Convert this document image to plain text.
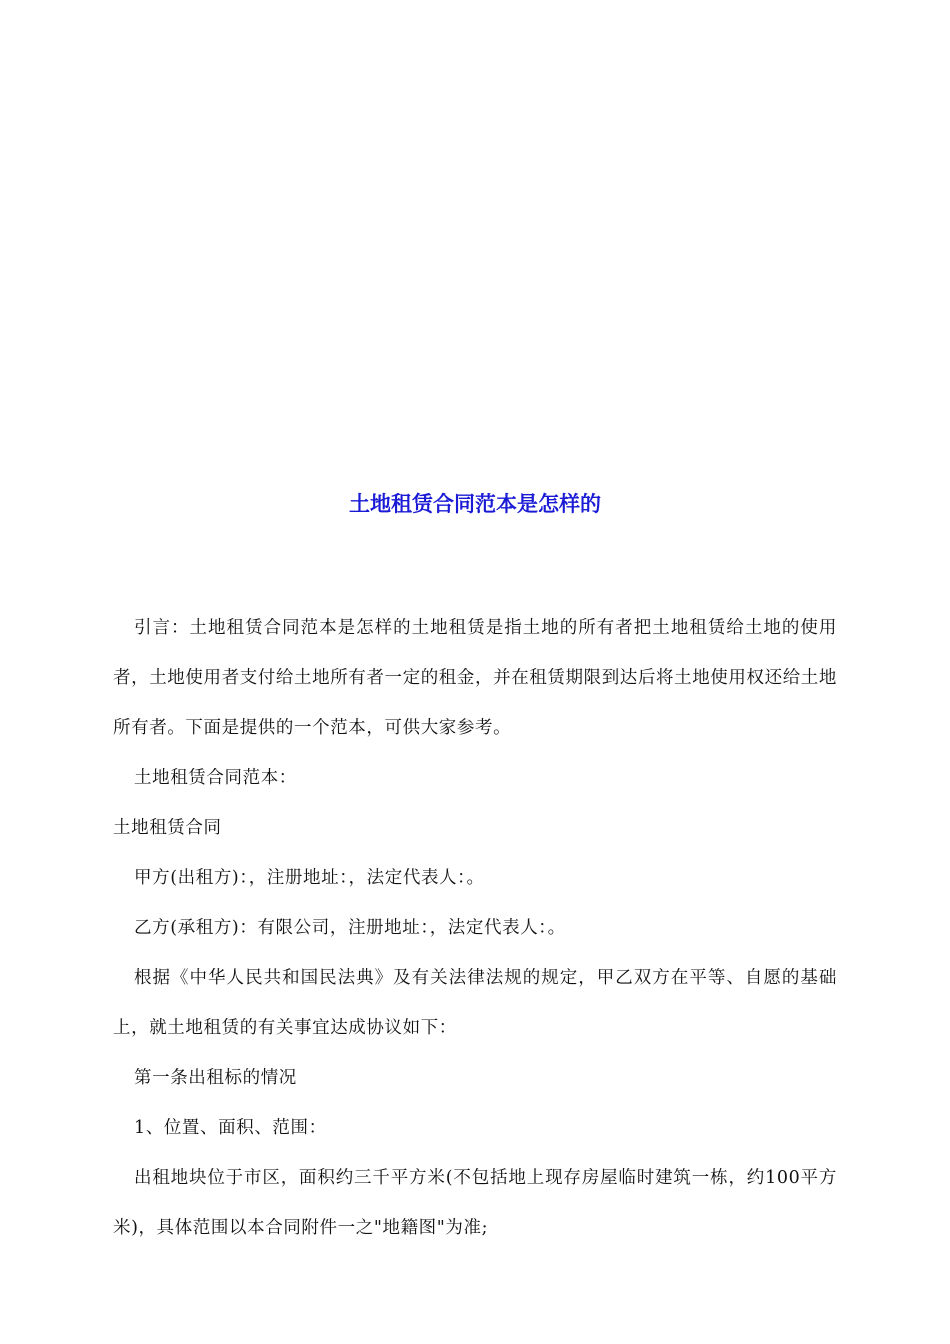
土地租赁合同范本是怎样的

引言：土地租赁合同范本是怎样的土地租赁是指土地的所有者把土地租赁给土地的使用者，土地使用者支付给土地所有者一定的租金，并在租赁期限到达后将土地使用权还给土地所有者。下面是提供的一个范本，可供大家参考。

土地租赁合同范本：

土地租赁合同

甲方(出租方)：，注册地址：，法定代表人：。

乙方(承租方)：有限公司，注册地址：，法定代表人：。

根据《中华人民共和国民法典》及有关法律法规的规定，甲乙双方在平等、自愿的基础上，就土地租赁的有关事宜达成协议如下：

第一条出租标的情况

1、位置、面积、范围：

出租地块位于市区，面积约三千平方米(不包括地上现存房屋临时建筑一栋，约100平方米)，具体范围以本合同附件一之"地籍图"为准;
